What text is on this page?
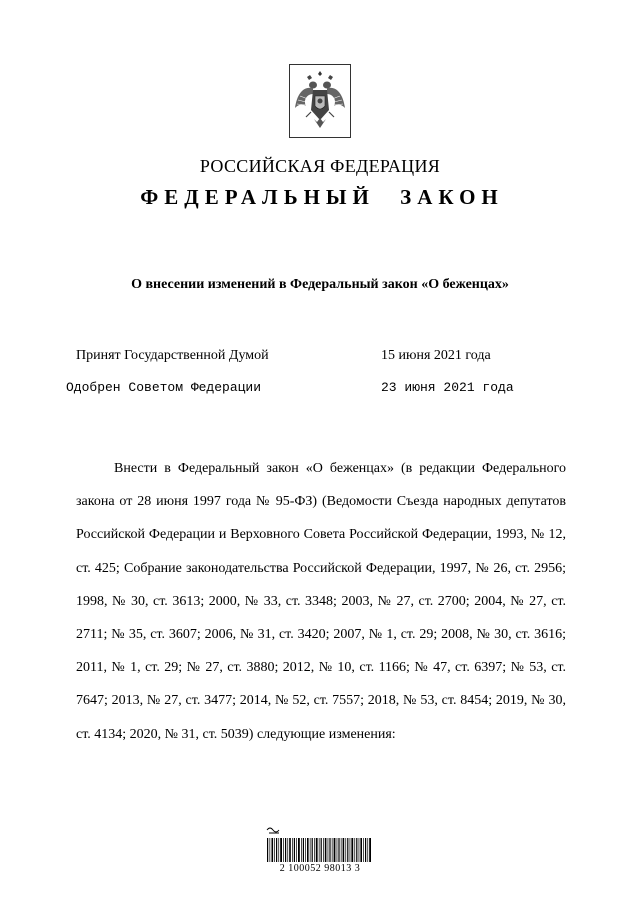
РОССИЙСКАЯ ФЕДЕРАЦИЯ
ФЕДЕРАЛЬНЫЙ ЗАКОН
О внесении изменений в Федеральный закон «О беженцах»
Принят Государственной Думой	15 июня 2021 года
Одобрен Советом Федерации	23 июня 2021 года

Внести в Федеральный закон «О беженцах» (в редакции Федерального закона от 28 июня 1997 года № 95-ФЗ) (Ведомости Съезда народных депутатов Российской Федерации и Верховного Совета Российской Федерации, 1993, № 12, ст. 425; Собрание законодательства Российской Федерации, 1997, № 26, ст. 2956; 1998, № 30, ст. 3613; 2000, № 33, ст. 3348; 2003, № 27, ст. 2700; 2004, № 27, ст. 2711; № 35, ст. 3607; 2006, № 31, ст. 3420; 2007, № 1, ст. 29; 2008, № 30, ст. 3616; 2011, № 1, ст. 29; № 27, ст. 3880; 2012, № 10, ст. 1166; № 47, ст. 6397; № 53, ст. 7647; 2013, № 27, ст. 3477; 2014, № 52, ст. 7557; 2018, № 53, ст. 8454; 2019, № 30, ст. 4134; 2020, № 31, ст. 5039) следующие изменения:

2 100052 98013 3
